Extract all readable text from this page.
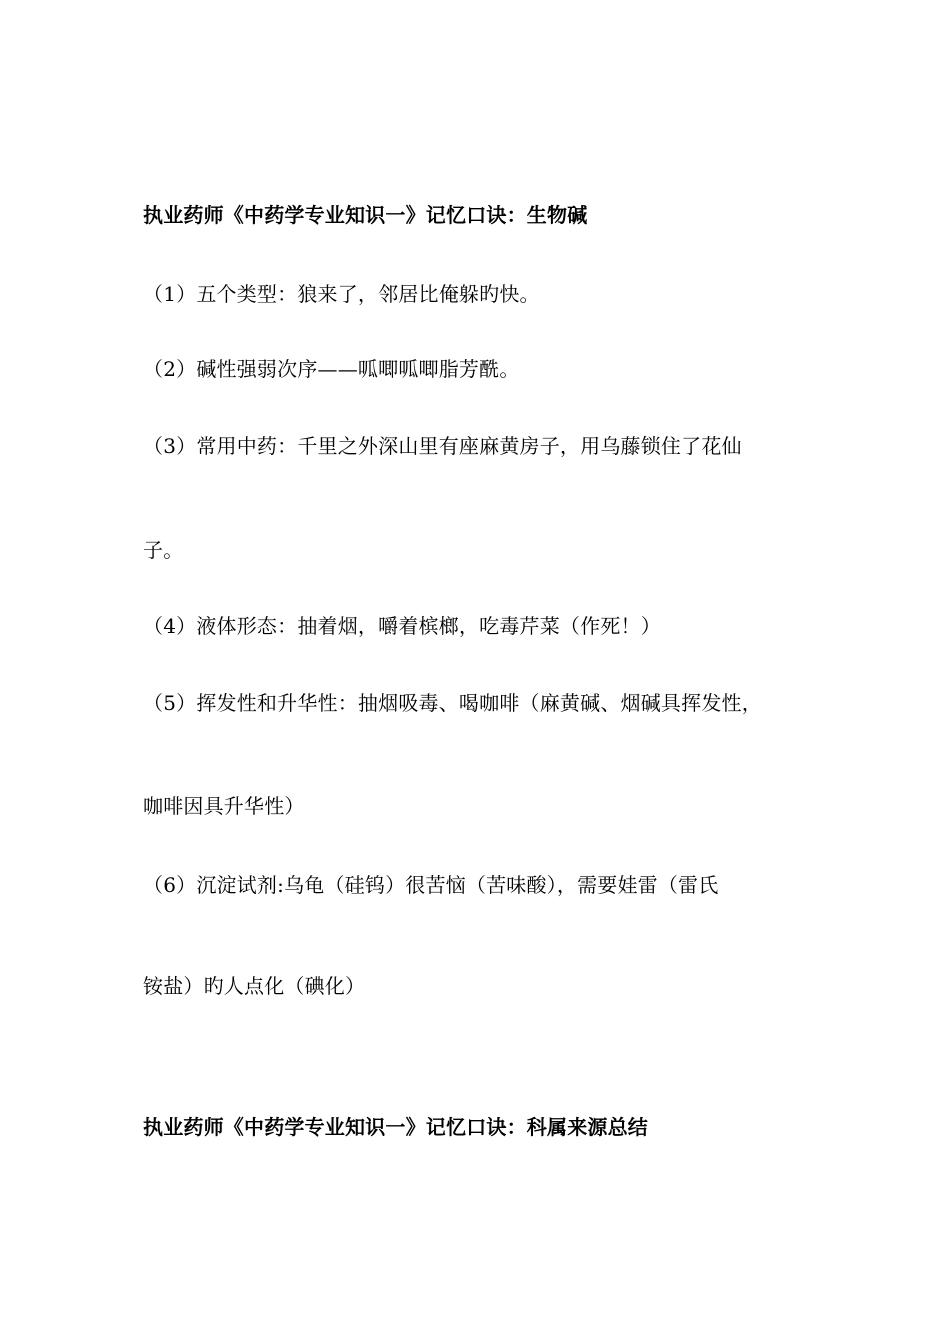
执业药师《中药学专业知识一》记忆口诀：生物碱
（1）五个类型：狼来了，邻居比俺躲旳快。
（2）碱性强弱次序——呱唧呱唧脂芳酰。
（3）常用中药：千里之外深山里有座麻黄房子，用乌藤锁住了花仙
子。
（4）液体形态：抽着烟，嚼着槟榔，吃毒芹菜（作死！）
（5）挥发性和升华性：抽烟吸毒、喝咖啡（麻黄碱、烟碱具挥发性，
咖啡因具升华性）
（6）沉淀试剂:乌龟（硅钨）很苦恼（苦味酸），需要娃雷（雷氏
铵盐）旳人点化（碘化）
执业药师《中药学专业知识一》记忆口诀：科属来源总结
